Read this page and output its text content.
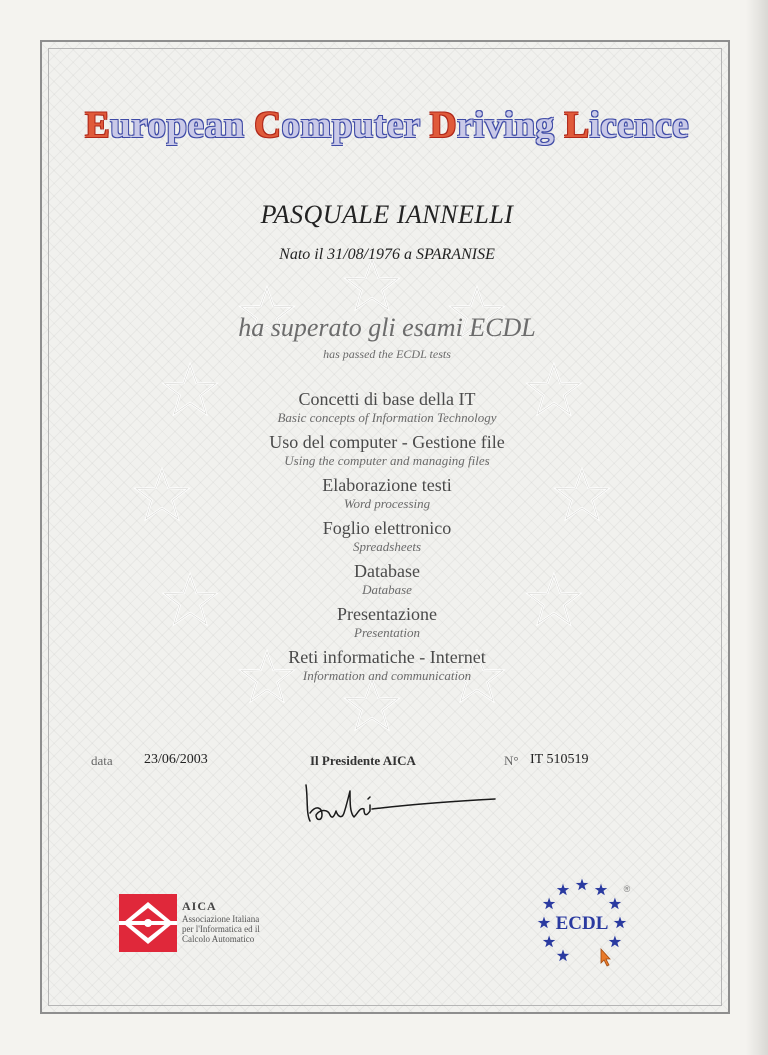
European Computer Driving Licence
PASQUALE IANNELLI
Nato il 31/08/1976 a SPARANISE
ha superato gli esami ECDL
has passed the ECDL tests
Concetti di base della IT
Basic concepts of Information Technology
Uso del computer - Gestione file
Using the computer and managing files
Elaborazione testi
Word processing
Foglio elettronico
Spreadsheets
Database
Database
Presentazione
Presentation
Reti informatiche - Internet
Information and communication
data 23/06/2003	Il Presidente AICA	N° IT 510519
AICA
Associazione Italiana
per l'Informatica ed il
Calcolo Automatico
ECDL
®
